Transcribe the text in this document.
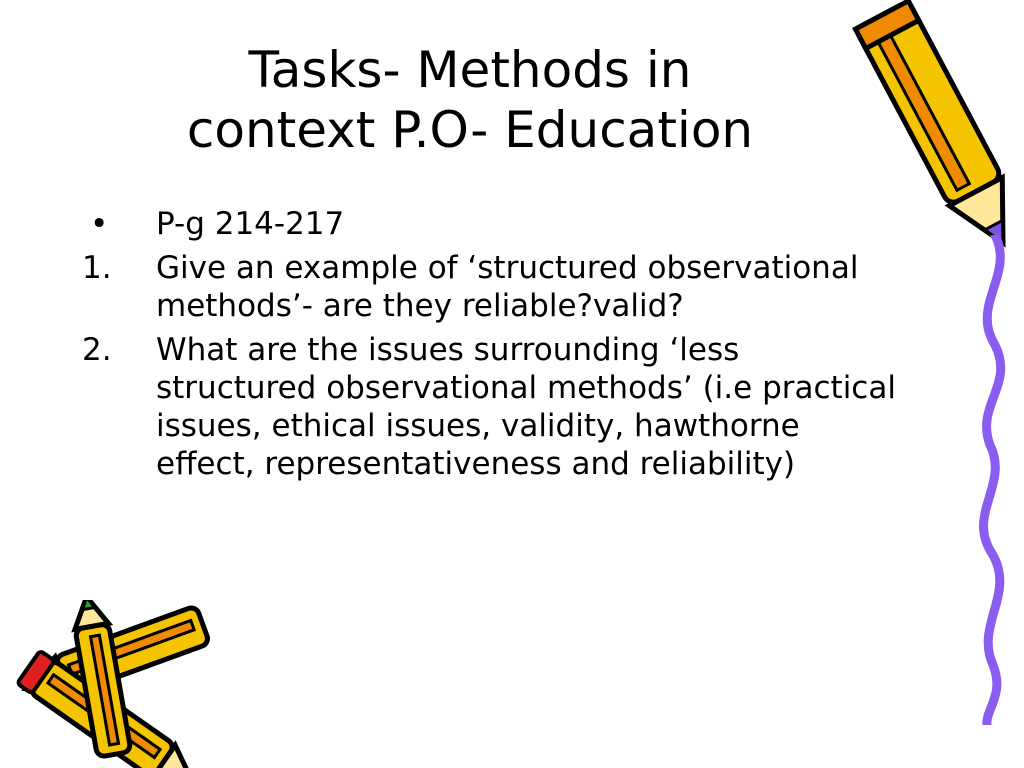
Tasks- Methods in
context P.O- Education
•	P-g 214-217
1.	Give an example of ‘structured observational methods’- are they reliable?valid?
2.	What are the issues surrounding ‘less structured observational methods’ (i.e practical issues, ethical issues, validity, hawthorne effect, representativeness and reliability)
